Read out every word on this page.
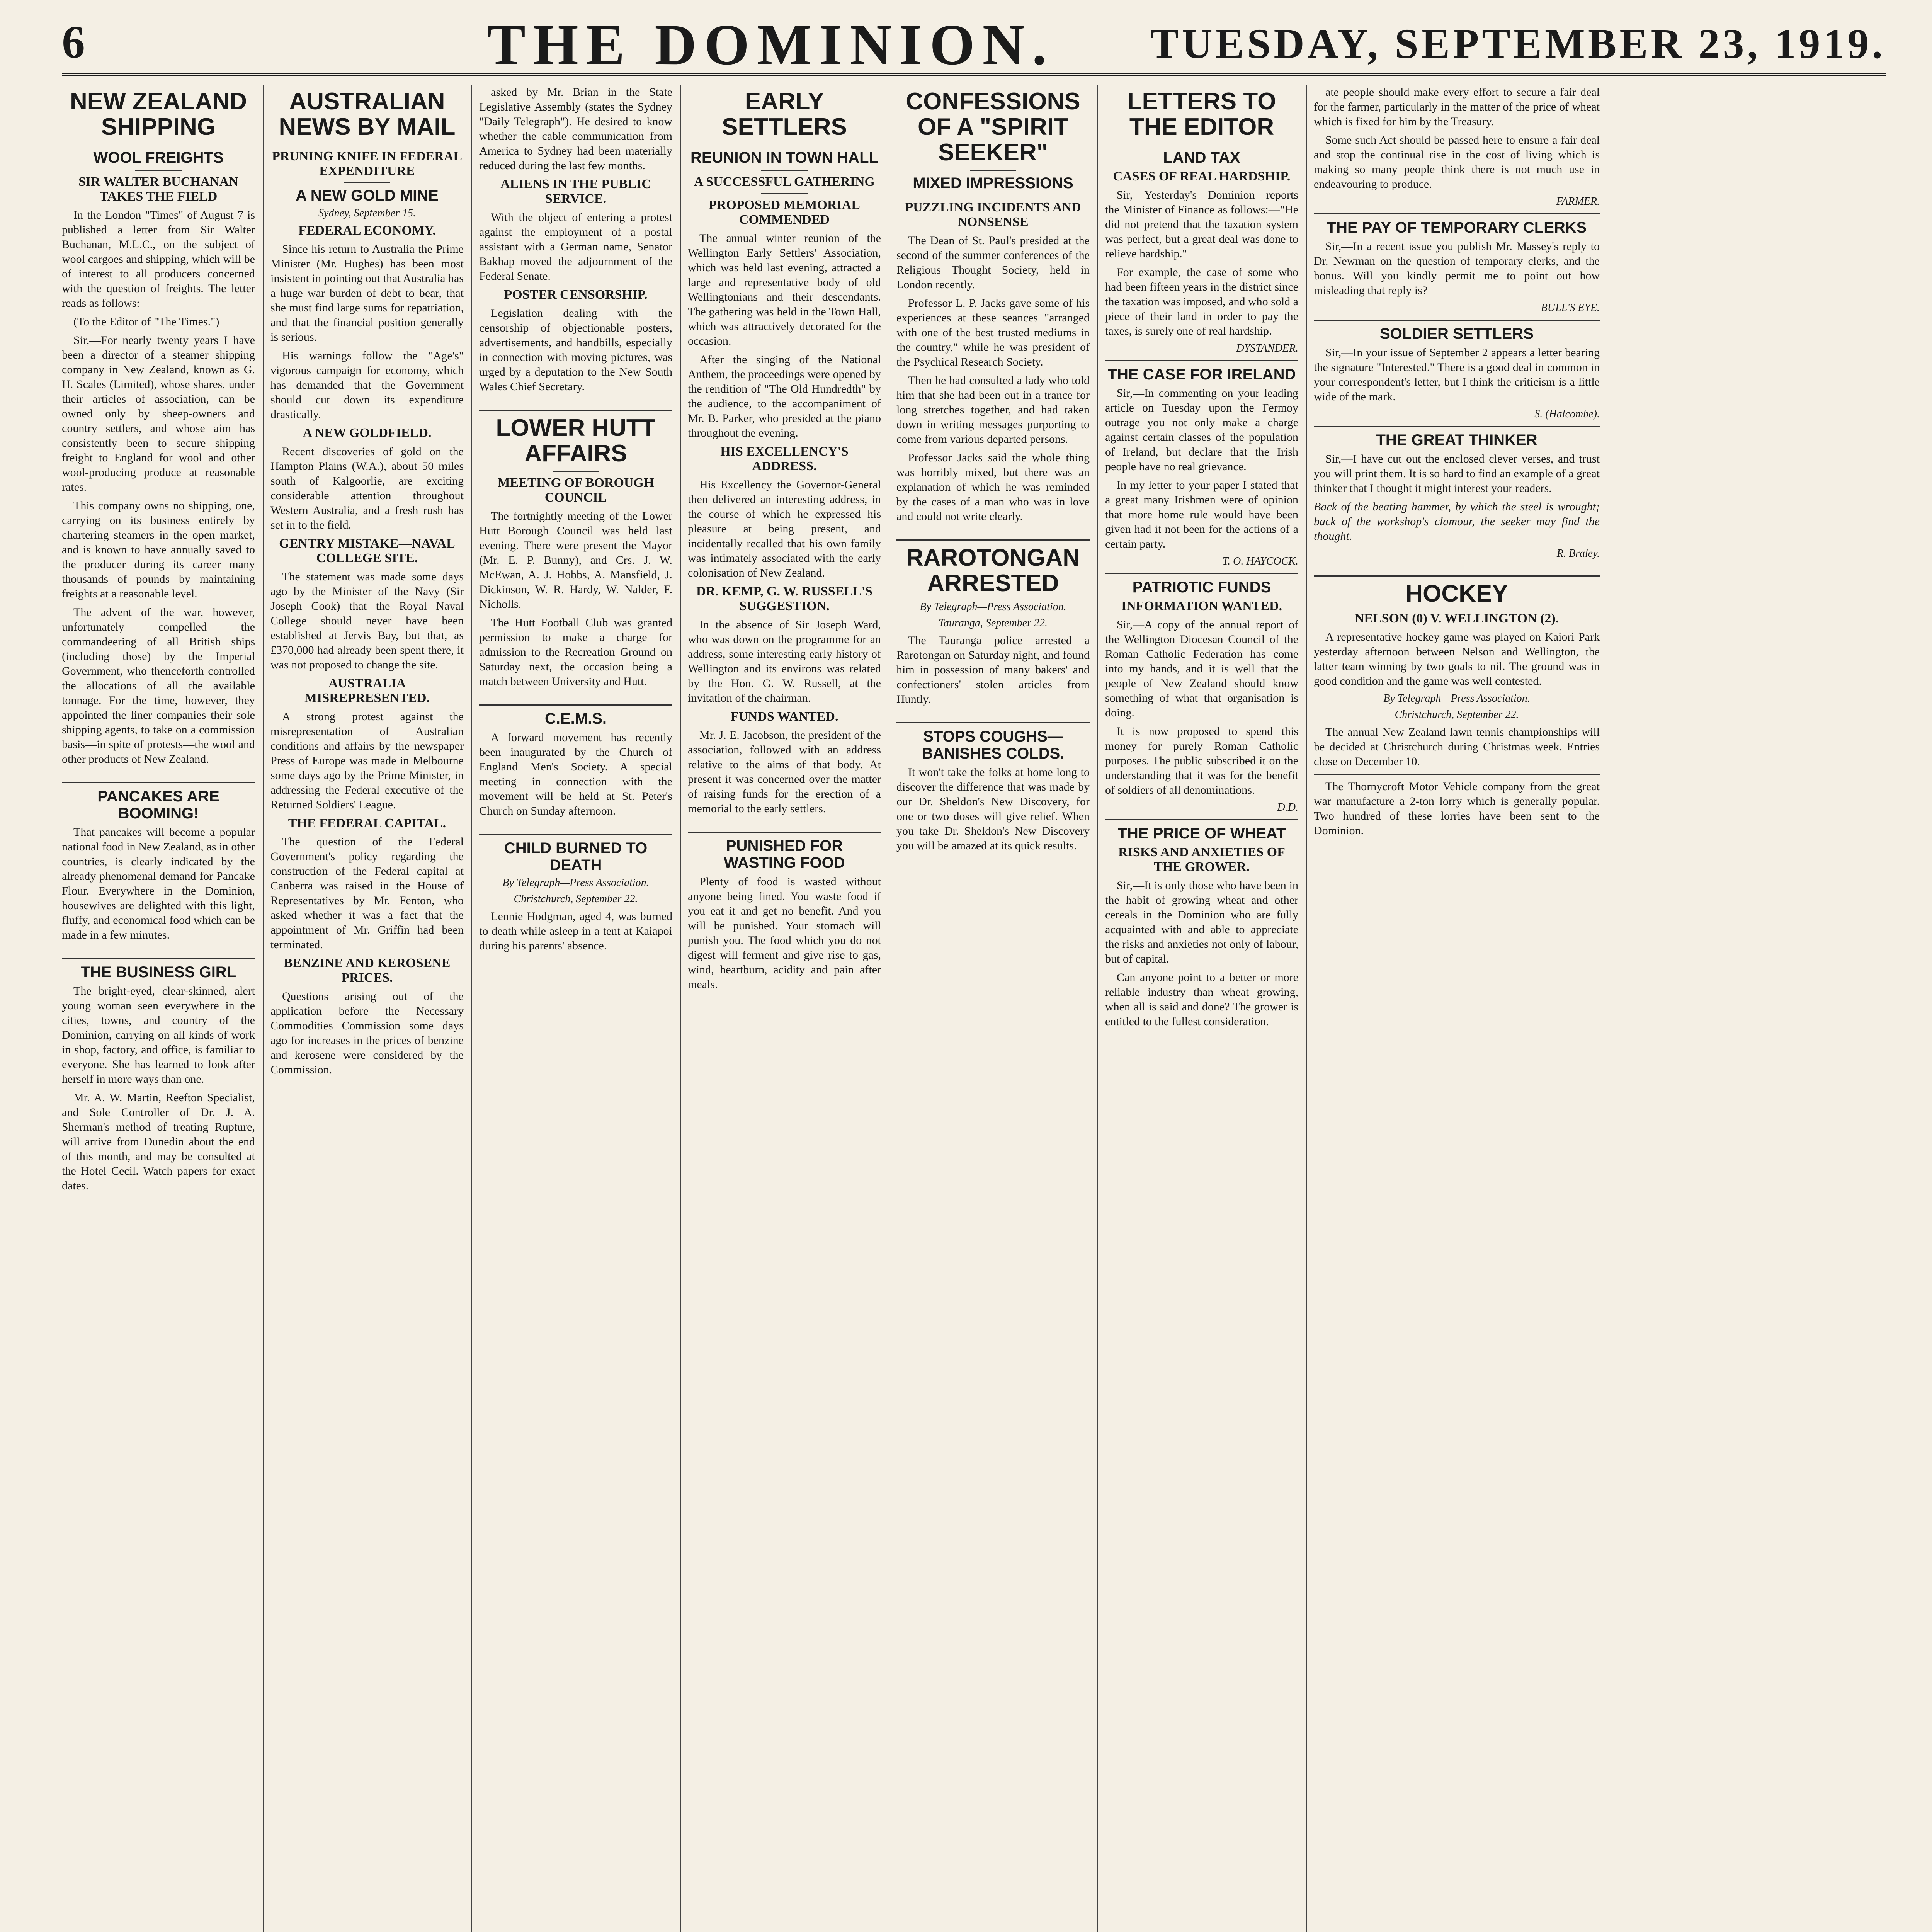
6	THE DOMINION. TUESDAY, SEPTEMBER 23, 1919.
NEW ZEALAND SHIPPING
WOOL FREIGHTS
SIR WALTER BUCHANAN TAKES THE FIELD

In the London "Times" of August 7 is published a letter from Sir Walter Buchanan, M.L.C., on the subject of wool cargoes and shipping, which will be of interest to all producers concerned with the question of freights. The letter reads as follows:—

(To the Editor of "The Times.")

Sir,—For nearly twenty years I have been a director of a steamer shipping company in New Zealand, known as G. H. Scales (Limited), whose shares, under their articles of association, can be owned only by sheep-owners and country settlers, and whose aim has consistently been to secure shipping freight to England for wool and other wool-producing produce at reasonable rates.

This company owns no shipping, one, carrying on its business entirely by chartering steamers in the open market, and is known to have annually saved to the producer during its career many thousands of pounds by maintaining freights at a reasonable level.

The advent of the war, however, unfortunately compelled the commandeering of all British ships (including those) by the Imperial Government, who thenceforth controlled the allocations of all the available tonnage. For the time, however, they appointed the liner companies their sole shipping agents, to take on a commission basis—in spite of protests—the wool and other products of New Zealand.

PANCAKES ARE BOOMING!

That pancakes will become a popular national food in New Zealand, as in other countries, is clearly indicated by the already phenomenal demand for Pancake Flour. Everywhere in the Dominion, housewives are delighted with this light, fluffy, and economical food which can be made in a few minutes.

THE BUSINESS GIRL

The bright-eyed, clear-skinned, alert young woman seen everywhere in the cities, towns, and country of the Dominion, carrying on all kinds of work in shop, factory, and office, is familiar to everyone. She has learned to look after herself in more ways than one.

Mr. A. W. Martin, Reefton Specialist, and Sole Controller of Dr. J. A. Sherman's method of treating Rupture, will arrive from Dunedin about the end of this month, and may be consulted at the Hotel Cecil. Watch papers for exact dates.

AUSTRALIAN NEWS BY MAIL
PRUNING KNIFE IN FEDERAL EXPENDITURE
A NEW GOLD MINE
Sydney, September 15.
FEDERAL ECONOMY.

Since his return to Australia the Prime Minister (Mr. Hughes) has been most insistent in pointing out that Australia has a huge war burden of debt to bear, that she must find large sums for repatriation, and that the financial position generally is serious.

His warnings follow the "Age's" vigorous campaign for economy, which has demanded that the Government should cut down its expenditure drastically.

A NEW GOLDFIELD.

Recent discoveries of gold on the Hampton Plains (W.A.), about 50 miles south of Kalgoorlie, are exciting considerable attention throughout Western Australia, and a fresh rush has set in to the field.

GENTRY MISTAKE—NAVAL COLLEGE SITE.

The statement was made some days ago by the Minister of the Navy (Sir Joseph Cook) that the Royal Naval College should never have been established at Jervis Bay, but that, as £370,000 had already been spent there, it was not proposed to change the site.

AUSTRALIA MISREPRESENTED.

A strong protest against the misrepresentation of Australian conditions and affairs by the newspaper Press of Europe was made in Melbourne some days ago by the Prime Minister, in addressing the Federal executive of the Returned Soldiers' League.

THE FEDERAL CAPITAL.

The question of the Federal Government's policy regarding the construction of the Federal capital at Canberra was raised in the House of Representatives by Mr. Fenton, who asked whether it was a fact that the appointment of Mr. Griffin had been terminated.

BENZINE AND KEROSENE PRICES.

Questions arising out of the application before the Necessary Commodities Commission some days ago for increases in the prices of benzine and kerosene were considered by the Commission.

asked by Mr. Brian in the State Legislative Assembly (states the Sydney "Daily Telegraph"). He desired to know whether the cable communication from America to Sydney had been materially reduced during the last few months.

ALIENS IN THE PUBLIC SERVICE.

With the object of entering a protest against the employment of a postal assistant with a German name, Senator Bakhap moved the adjournment of the Federal Senate.

POSTER CENSORSHIP.

Legislation dealing with the censorship of objectionable posters, advertisements, and handbills, especially in connection with moving pictures, was urged by a deputation to the New South Wales Chief Secretary.

LOWER HUTT AFFAIRS
MEETING OF BOROUGH COUNCIL

The fortnightly meeting of the Lower Hutt Borough Council was held last evening. There were present the Mayor (Mr. E. P. Bunny), and Crs. J. W. McEwan, A. J. Hobbs, A. Mansfield, J. Dickinson, W. R. Hardy, W. Nalder, F. Nicholls.

The Hutt Football Club was granted permission to make a charge for admission to the Recreation Ground on Saturday next, the occasion being a match between University and Hutt.

C.E.M.S.

A forward movement has recently been inaugurated by the Church of England Men's Society. A special meeting in connection with the movement will be held at St. Peter's Church on Sunday afternoon.

CHILD BURNED TO DEATH
By Telegraph—Press Association.
Christchurch, September 22.

Lennie Hodgman, aged 4, was burned to death while asleep in a tent at Kaiapoi during his parents' absence.

EARLY SETTLERS
REUNION IN TOWN HALL
A SUCCESSFUL GATHERING
PROPOSED MEMORIAL COMMENDED

The annual winter reunion of the Wellington Early Settlers' Association, which was held last evening, attracted a large and representative body of old Wellingtonians and their descendants. The gathering was held in the Town Hall, which was attractively decorated for the occasion.

After the singing of the National Anthem, the proceedings were opened by the rendition of "The Old Hundredth" by the audience, to the accompaniment of Mr. B. Parker, who presided at the piano throughout the evening.

HIS EXCELLENCY'S ADDRESS.

His Excellency the Governor-General then delivered an interesting address, in the course of which he expressed his pleasure at being present, and incidentally recalled that his own family was intimately associated with the early colonisation of New Zealand.

DR. KEMP, G. W. RUSSELL'S SUGGESTION.

In the absence of Sir Joseph Ward, who was down on the programme for an address, some interesting early history of Wellington and its environs was related by the Hon. G. W. Russell, at the invitation of the chairman.

FUNDS WANTED.

Mr. J. E. Jacobson, the president of the association, followed with an address relative to the aims of that body. At present it was concerned over the matter of raising funds for the erection of a memorial to the early settlers.

PUNISHED FOR WASTING FOOD

Plenty of food is wasted without anyone being fined. You waste food if you eat it and get no benefit. And you will be punished. Your stomach will punish you. The food which you do not digest will ferment and give rise to gas, wind, heartburn, acidity and pain after meals.

CONFESSIONS OF A "SPIRIT SEEKER"
MIXED IMPRESSIONS
PUZZLING INCIDENTS AND NONSENSE

The Dean of St. Paul's presided at the second of the summer conferences of the Religious Thought Society, held in London recently.

Professor L. P. Jacks gave some of his experiences at these seances "arranged with one of the best trusted mediums in the country," while he was president of the Psychical Research Society.

Then he had consulted a lady who told him that she had been out in a trance for long stretches together, and had taken down in writing messages purporting to come from various departed persons.

Professor Jacks said the whole thing was horribly mixed, but there was an explanation of which he was reminded by the cases of a man who was in love and could not write clearly.

RAROTONGAN ARRESTED
By Telegraph—Press Association.
Tauranga, September 22.

The Tauranga police arrested a Rarotongan on Saturday night, and found him in possession of many bakers' and confectioners' stolen articles from Huntly.

STOPS COUGHS—BANISHES COLDS.

It won't take the folks at home long to discover the difference that was made by our Dr. Sheldon's New Discovery, for one or two doses will give relief. When you take Dr. Sheldon's New Discovery you will be amazed at its quick results.

LETTERS TO THE EDITOR
LAND TAX
CASES OF REAL HARDSHIP.

Sir,—Yesterday's Dominion reports the Minister of Finance as follows:—"He did not pretend that the taxation system was perfect, but a great deal was done to relieve hardship."

For example, the case of some who had been fifteen years in the district since the taxation was imposed, and who sold a piece of their land in order to pay the taxes, is surely one of real hardship.

DYSTANDER.
THE CASE FOR IRELAND

Sir,—In commenting on your leading article on Tuesday upon the Fermoy outrage you not only make a charge against certain classes of the population of Ireland, but declare that the Irish people have no real grievance.

In my letter to your paper I stated that a great many Irishmen were of opinion that more home rule would have been given had it not been for the actions of a certain party.

T. O. HAYCOCK.
PATRIOTIC FUNDS
INFORMATION WANTED.

Sir,—A copy of the annual report of the Wellington Diocesan Council of the Roman Catholic Federation has come into my hands, and it is well that the people of New Zealand should know something of what that organisation is doing.

It is now proposed to spend this money for purely Roman Catholic purposes. The public subscribed it on the understanding that it was for the benefit of soldiers of all denominations.

D.D.
THE PRICE OF WHEAT
RISKS AND ANXIETIES OF THE GROWER.

Sir,—It is only those who have been in the habit of growing wheat and other cereals in the Dominion who are fully acquainted with and able to appreciate the risks and anxieties not only of labour, but of capital.

Can anyone point to a better or more reliable industry than wheat growing, when all is said and done? The grower is entitled to the fullest consideration.

ate people should make every effort to secure a fair deal for the farmer, particularly in the matter of the price of wheat which is fixed for him by the Treasury.

Some such Act should be passed here to ensure a fair deal and stop the continual rise in the cost of living which is making so many people think there is not much use in endeavouring to produce.

FARMER.
THE PAY OF TEMPORARY CLERKS

Sir,—In a recent issue you publish Mr. Massey's reply to Dr. Newman on the question of temporary clerks, and the bonus. Will you kindly permit me to point out how misleading that reply is?

BULL'S EYE.
SOLDIER SETTLERS

Sir,—In your issue of September 2 appears a letter bearing the signature "Interested." There is a good deal in common in your correspondent's letter, but I think the criticism is a little wide of the mark.

S. (Halcombe).
THE GREAT THINKER

Sir,—I have cut out the enclosed clever verses, and trust you will print them. It is so hard to find an example of a great thinker that I thought it might interest your readers.

Back of the beating hammer, by which the steel is wrought; back of the workshop's clamour, the seeker may find the thought.

R. Braley.
HOCKEY
NELSON (0) V. WELLINGTON (2).

A representative hockey game was played on Kaiori Park yesterday afternoon between Nelson and Wellington, the latter team winning by two goals to nil. The ground was in good condition and the game was well contested.

By Telegraph—Press Association.
Christchurch, September 22.

The annual New Zealand lawn tennis championships will be decided at Christchurch during Christmas week. Entries close on December 10.

The Thornycroft Motor Vehicle company from the great war manufacture a 2-ton lorry which is generally popular. Two hundred of these lorries have been sent to the Dominion.
